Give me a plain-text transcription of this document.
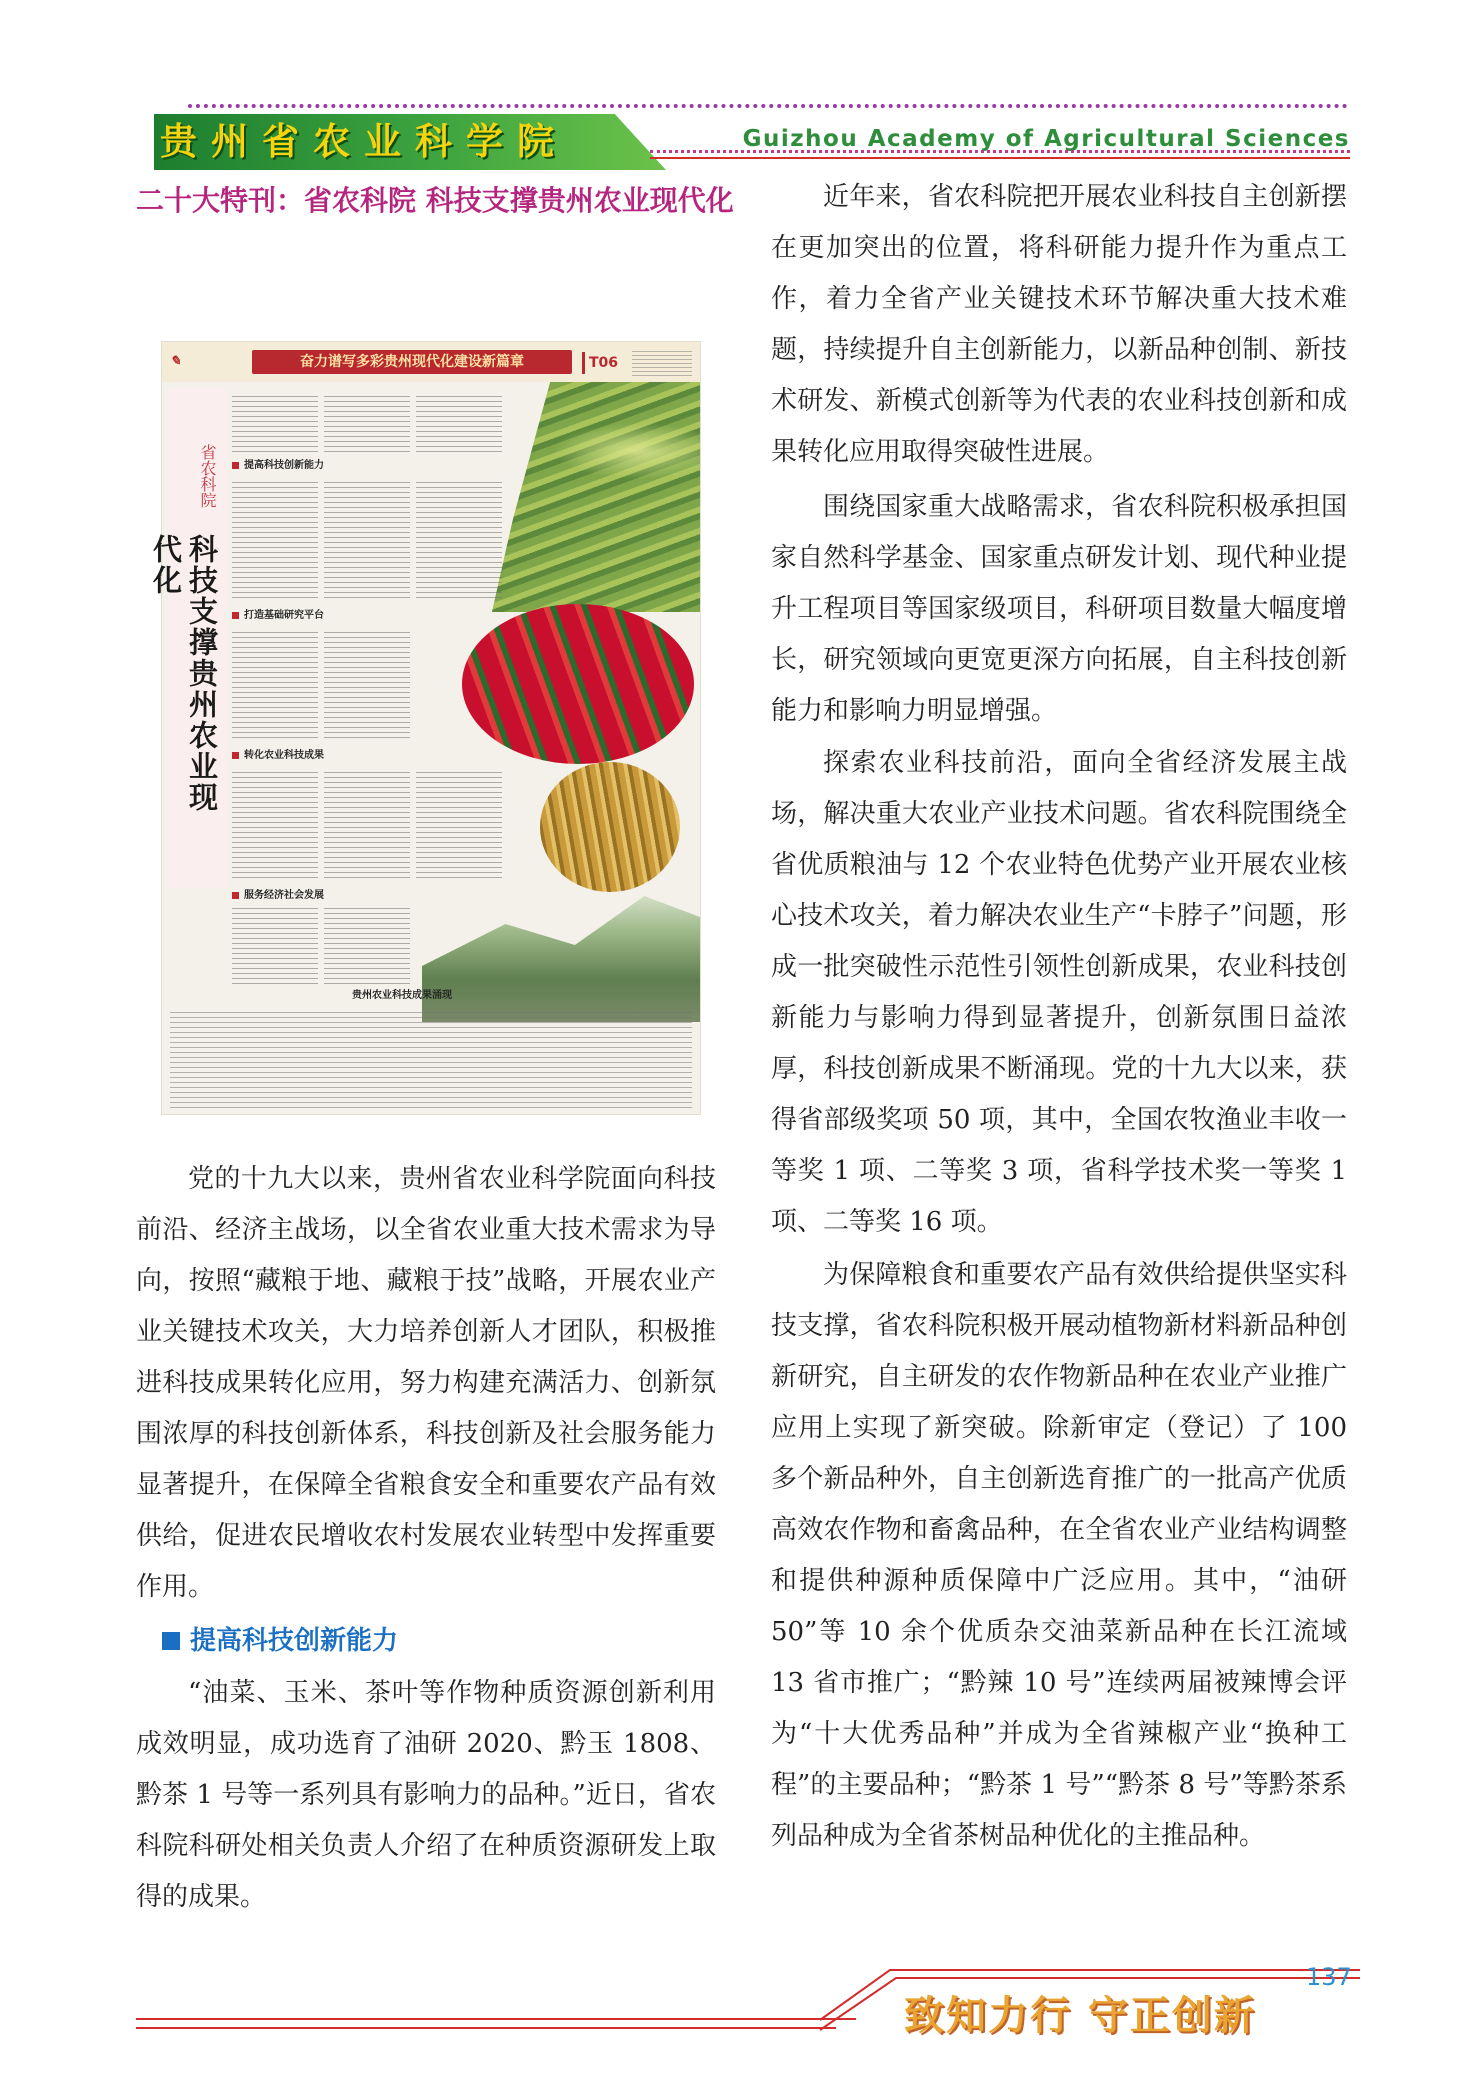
贵州省农业科学院	Guizhou Academy of Agricultural Sciences
二十大特刊：省农科院 科技支撑贵州农业现代化
✎	奋力谱写多彩贵州现代化建设新篇章	T06
省农科院
科技支撑贵州农业现代化
提高科技创新能力
打造基础研究平台
转化农业科技成果
服务经济社会发展
贵州农业科技成果涌现

党的十九大以来，贵州省农业科学院面向科技前沿、经济主战场，以全省农业重大技术需求为导向，按照“藏粮于地、藏粮于技”战略，开展农业产业关键技术攻关，大力培养创新人才团队，积极推进科技成果转化应用，努力构建充满活力、创新氛围浓厚的科技创新体系，科技创新及社会服务能力显著提升，在保障全省粮食安全和重要农产品有效供给，促进农民增收农村发展农业转型中发挥重要作用。

提高科技创新能力

“油菜、玉米、茶叶等作物种质资源创新利用成效明显，成功选育了油研 2020、黔玉 1808、黔茶 1 号等一系列具有影响力的品种。”近日，省农科院科研处相关负责人介绍了在种质资源研发上取得的成果。

近年来，省农科院把开展农业科技自主创新摆在更加突出的位置，将科研能力提升作为重点工作，着力全省产业关键技术环节解决重大技术难题，持续提升自主创新能力，以新品种创制、新技术研发、新模式创新等为代表的农业科技创新和成果转化应用取得突破性进展。

围绕国家重大战略需求，省农科院积极承担国家自然科学基金、国家重点研发计划、现代种业提升工程项目等国家级项目，科研项目数量大幅度增长，研究领域向更宽更深方向拓展，自主科技创新能力和影响力明显增强。

探索农业科技前沿，面向全省经济发展主战场，解决重大农业产业技术问题。省农科院围绕全省优质粮油与 12 个农业特色优势产业开展农业核心技术攻关，着力解决农业生产“卡脖子”问题，形成一批突破性示范性引领性创新成果，农业科技创新能力与影响力得到显著提升，创新氛围日益浓厚，科技创新成果不断涌现。党的十九大以来，获得省部级奖项 50 项，其中，全国农牧渔业丰收一等奖 1 项、二等奖 3 项，省科学技术奖一等奖 1 项、二等奖 16 项。

为保障粮食和重要农产品有效供给提供坚实科技支撑，省农科院积极开展动植物新材料新品种创新研究，自主研发的农作物新品种在农业产业推广应用上实现了新突破。除新审定（登记）了 100 多个新品种外，自主创新选育推广的一批高产优质高效农作物和畜禽品种，在全省农业产业结构调整和提供种源种质保障中广泛应用。其中，“油研 50”等 10 余个优质杂交油菜新品种在长江流域 13 省市推广；“黔辣 10 号”连续两届被辣博会评为“十大优秀品种”并成为全省辣椒产业“换种工程”的主要品种；“黔茶 1 号”“黔茶 8 号”等黔茶系列品种成为全省茶树品种优化的主推品种。

137
致知力行 守正创新
